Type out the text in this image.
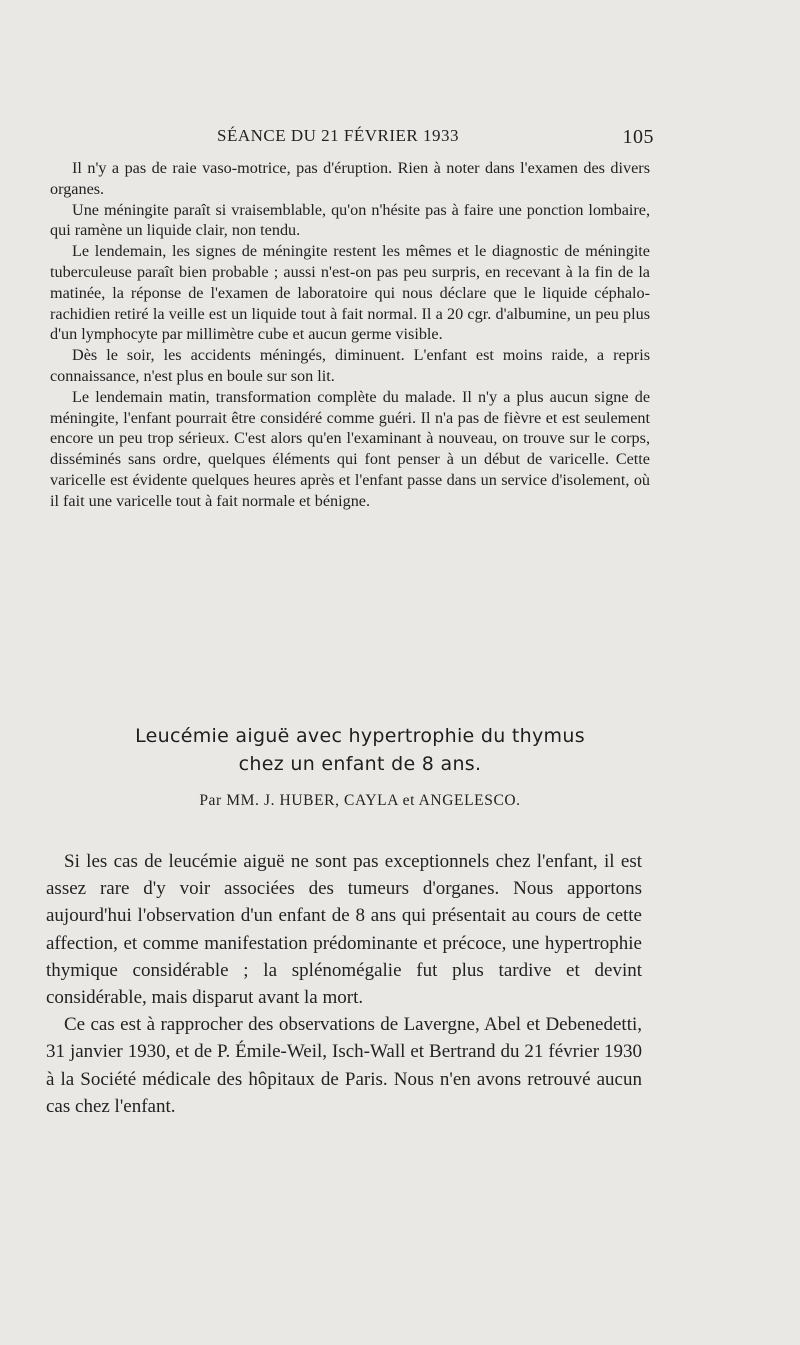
SÉANCE DU 21 FÉVRIER 1933	105

Il n'y a pas de raie vaso-motrice, pas d'éruption. Rien à noter dans l'examen des divers organes.

Une méningite paraît si vraisemblable, qu'on n'hésite pas à faire une ponction lombaire, qui ramène un liquide clair, non tendu.

Le lendemain, les signes de méningite restent les mêmes et le diagnostic de méningite tuberculeuse paraît bien probable ; aussi n'est-on pas peu surpris, en recevant à la fin de la matinée, la réponse de l'examen de laboratoire qui nous déclare que le liquide céphalo-rachidien retiré la veille est un liquide tout à fait normal. Il a 20 cgr. d'albumine, un peu plus d'un lymphocyte par millimètre cube et aucun germe visible.

Dès le soir, les accidents méningés, diminuent. L'enfant est moins raide, a repris connaissance, n'est plus en boule sur son lit.

Le lendemain matin, transformation complète du malade. Il n'y a plus aucun signe de méningite, l'enfant pourrait être considéré comme guéri. Il n'a pas de fièvre et est seulement encore un peu trop sérieux. C'est alors qu'en l'examinant à nouveau, on trouve sur le corps, disséminés sans ordre, quelques éléments qui font penser à un début de varicelle. Cette varicelle est évidente quelques heures après et l'enfant passe dans un service d'isolement, où il fait une varicelle tout à fait normale et bénigne.

Leucémie aiguë avec hypertrophie du thymus
chez un enfant de 8 ans.
Par MM. J. HUBER, CAYLA et ANGELESCO.

Si les cas de leucémie aiguë ne sont pas exceptionnels chez l'enfant, il est assez rare d'y voir associées des tumeurs d'organes. Nous apportons aujourd'hui l'observation d'un enfant de 8 ans qui présentait au cours de cette affection, et comme manifestation prédominante et précoce, une hypertrophie thymique considérable ; la splénomégalie fut plus tardive et devint considérable, mais disparut avant la mort.

Ce cas est à rapprocher des observations de Lavergne, Abel et Debenedetti, 31 janvier 1930, et de P. Émile-Weil, Isch-Wall et Bertrand du 21 février 1930 à la Société médicale des hôpitaux de Paris. Nous n'en avons retrouvé aucun cas chez l'enfant.
